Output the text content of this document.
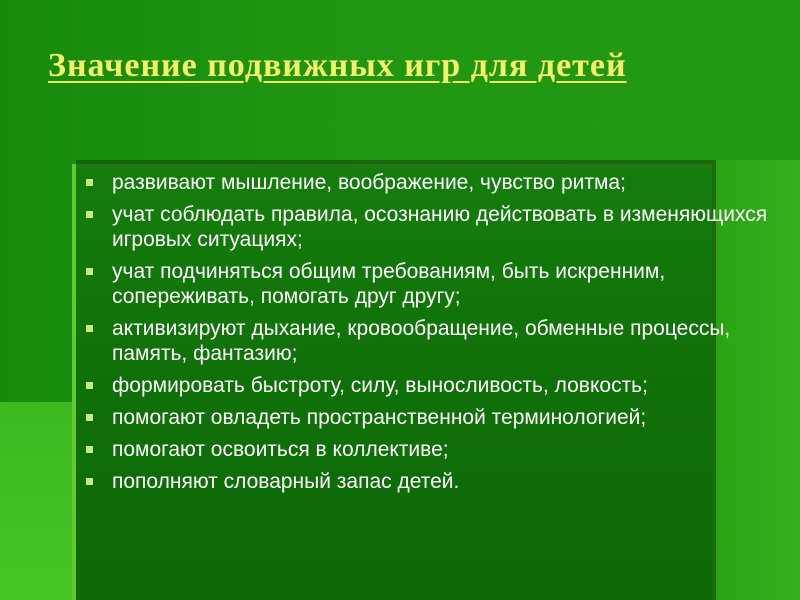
Значение подвижных игр для детей
развивают мышление, воображение, чувство ритма;
учат соблюдать правила, осознанию действовать в изменяющихся игровых ситуациях;
учат подчиняться общим требованиям, быть искренним, сопереживать, помогать друг другу;
активизируют дыхание, кровообращение, обменные процессы, память, фантазию;
формировать быстроту, силу, выносливость, ловкость;
помогают овладеть пространственной терминологией;
помогают освоиться в коллективе;
пополняют словарный запас детей.
